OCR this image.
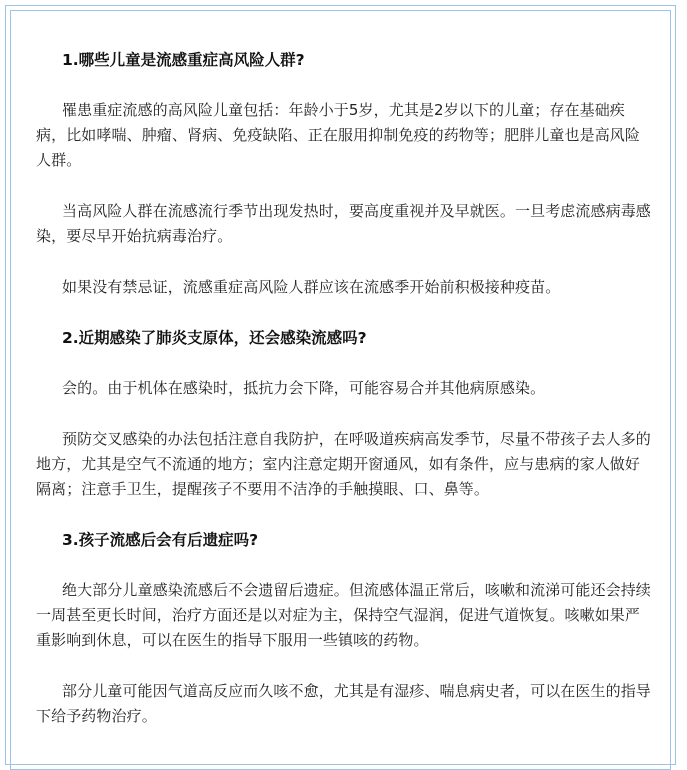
1.哪些儿童是流感重症高风险人群?

罹患重症流感的高风险儿童包括：年龄小于5岁，尤其是2岁以下的儿童；存在基础疾病，比如哮喘、肿瘤、肾病、免疫缺陷、正在服用抑制免疫的药物等；肥胖儿童也是高风险人群。

当高风险人群在流感流行季节出现发热时，要高度重视并及早就医。一旦考虑流感病毒感染，要尽早开始抗病毒治疗。

如果没有禁忌证，流感重症高风险人群应该在流感季开始前积极接种疫苗。

2.近期感染了肺炎支原体，还会感染流感吗?

会的。由于机体在感染时，抵抗力会下降，可能容易合并其他病原感染。

预防交叉感染的办法包括注意自我防护，在呼吸道疾病高发季节，尽量不带孩子去人多的地方，尤其是空气不流通的地方；室内注意定期开窗通风，如有条件，应与患病的家人做好隔离；注意手卫生，提醒孩子不要用不洁净的手触摸眼、口、鼻等。

3.孩子流感后会有后遗症吗?

绝大部分儿童感染流感后不会遗留后遗症。但流感体温正常后，咳嗽和流涕可能还会持续一周甚至更长时间，治疗方面还是以对症为主，保持空气湿润，促进气道恢复。咳嗽如果严重影响到休息，可以在医生的指导下服用一些镇咳的药物。

部分儿童可能因气道高反应而久咳不愈，尤其是有湿疹、喘息病史者，可以在医生的指导下给予药物治疗。
